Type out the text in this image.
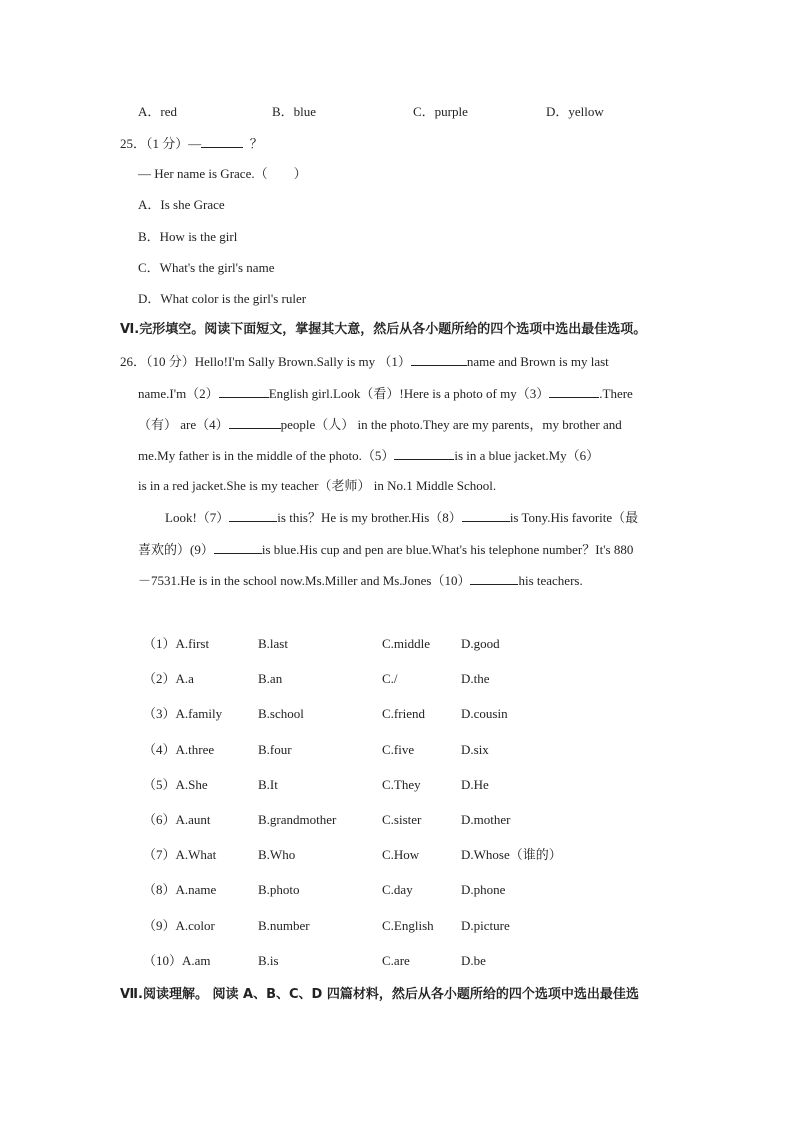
A．red	B．blue	C．purple	D．yellow
25．（1 分）—	？
— Her name is Grace.（　　）
A．Is she Grace
B．How is the girl
C．What's the girl's name
D．What color is the girl's ruler
Ⅵ.完形填空。阅读下面短文，掌握其大意，然后从各小题所给的四个选项中选出最佳选项。
26．（10 分）Hello!I'm Sally Brown.Sally is my （1）	name and Brown is my last
name.I'm（2）	English girl.Look（看）!Here is a photo of my（3）	.There
（有） are（4）	people（人） in the photo.They are my parents，my brother and
me.My father is in the middle of the photo.（5）	is in a blue jacket.My（6）
is in a red jacket.She is my teacher（老师） in No.1 Middle School.
Look!（7）	is this？He is my brother.His（8）	is Tony.His favorite（最
喜欢的）(9）	is blue.His cup and pen are blue.What's his telephone number？It's 880
－7531.He is in the school now.Ms.Miller and Ms.Jones（10）	his teachers.
（1）A.first	B.last	C.middle D.good
（2）A.a	B.an	C./	D.the
（3）A.family	B.school	C.friend	D.cousin
（4）A.three	B.four	C.five	D.six
（5）A.She	B.It	C.They	D.He
（6）A.aunt	B.grandmother	C.sister	D.mother
（7）A.What	B.Who	C.How	D.Whose（谁的）
（8）A.name	B.photo	C.day	D.phone
（9）A.color	B.number	C.English D.picture
（10）A.am	B.is	C.are	D.be
Ⅶ.阅读理解。 阅读 A、B、C、D 四篇材料，然后从各小题所给的四个选项中选出最佳选
